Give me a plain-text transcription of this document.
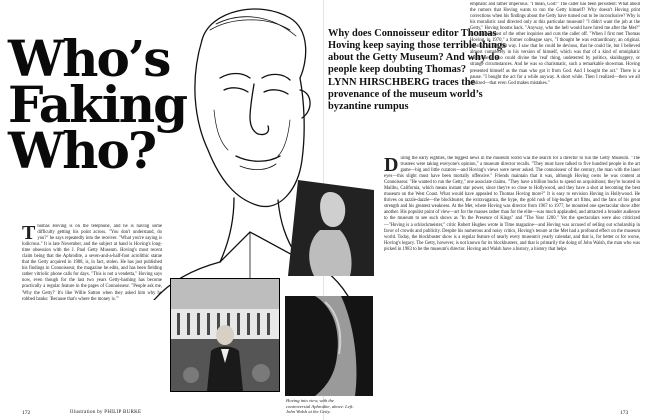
Who’s
Faking
Who?

Why does Connoisseur editor Thomas Hoving keep saying those terrible things about the Getty Museum? And why do people keep doubting Thomas?

LYNN HIRSCHBERG traces the provenance of the museum world’s byzantine rumpus

T homas Hoving is on the telephone, and he is having some difficulty getting his point across. "You don't understand, do you?" he says repeatedly into the receiver. "What you're saying is ludicrous." It is late November, and the subject at hand is Hoving's long-time obsession with the J. Paul Getty Museum. Hoving's most recent claim being that the Aphrodite, a seven-and-a-half-foot acrolithic statue that the Getty acquired in 1988, is, in fact, stolen. He has just published his findings in Connoisseur, the magazine he edits, and has been fielding rather vitriolic phone calls for days. "This is not a vendetta," Hoving says now, even though for the last two years Getty-bashing has become practically a regular feature in the pages of Connoisseur. "People ask me, 'Why the Getty?' It's like Willie Sutton when they asked him why he robbed banks: 'Because that's where the money is.'"
Hoving into view, with the controversial Aphrodite, above. Left: John Walsh at the Getty.
emphatic and rather imperious. "I mean, God!" The caller has been persistent: What about the rumors that Hoving wants to run the Getty himself? Why doesn't Hoving print corrections when his findings about the Getty have turned out to be inconclusive? Why is his moralistic zeal directed only at this particular museum? "I didn't want the job at the Getty," Hoving booms back. "Anyway, who the hell would have hired me after the Met?" He ignores most of the other inquiries and cuts the caller off. "When I first met Thomas Hoving, in 1970," a former colleague says, "I thought he was extraordinary, an original. Most of us felt that way. I saw that he could be devious, that he could lie, but I believed almost completely in his version of himself, which was that of a kind of omniphatic connoisseur who could divine the 'real' thing, undeterred by politics, skulduggery, or strange circumstances. And he was so charismatic, such a remarkable showman. Hoving presented himself as the man who got it from God. And I bought the act." There is a pause. "I bought the act for a while anyway. A short while. Then I realized—then we all realized—that even God makes mistakes."
D uring the early eighties, the biggest news in the museum world was the search for a director to run the Getty Museum. "The trustees were taking everyone's opinion," a museum director recalls. "They must have talked to five hundred people in the art game—big and little curators—and Hoving's views were never asked. The connoisseur of the century, the man with the laser eyes—this slight must have been mortally offensive." Friends maintain that it was, although Hoving owns he was content at Connoisseur. "He wanted to run the Getty," one associate claims. "They have a billion bucks to spend on acquisitions; they're located in Malibu, California, which means instant star power, since they're so close to Hollywood, and they have a shot at becoming the best museum on the West Coast. What would have appealed to Thomas Hoving more?" It is easy to envision Hoving in Hollywood. He thrives on razzle-dazzle—the blockbuster, the extravaganza, the hype, the gold rush of big-budget art films, and the fans of his great strength and his greatest weakness. At the Met, where Hoving was director from 1967 to 1977, he mounted one spectacular show after another. His populist point of view—art for the masses rather than for the elite—was much applauded, and attracted a broader audience to the museum to see such shows as "In the Presence of Kings" and "The Year 1200." Yet the spectaculars were also criticized—"Hoving is a schlockmeister," critic Robert Hughes wrote in Time magazine—and Hoving was accused of selling out scholarship in favor of crowds and publicity. Despite his numerous and noisy critics, Hoving's tenure at the Met had a profound effect on the museum world. Today, the blockbuster show is a regular feature of nearly every museum's yearly calendar, and that is, for better or for worse, Hoving's legacy. The Getty, however, is not known for its blockbusters, and that is primarily the doing of John Walsh, the man who was picked in 1983 to be the museum's director. Hoving and Walsh have a history, a history that helps
172	Illustration by PHILIP BURKE	173
